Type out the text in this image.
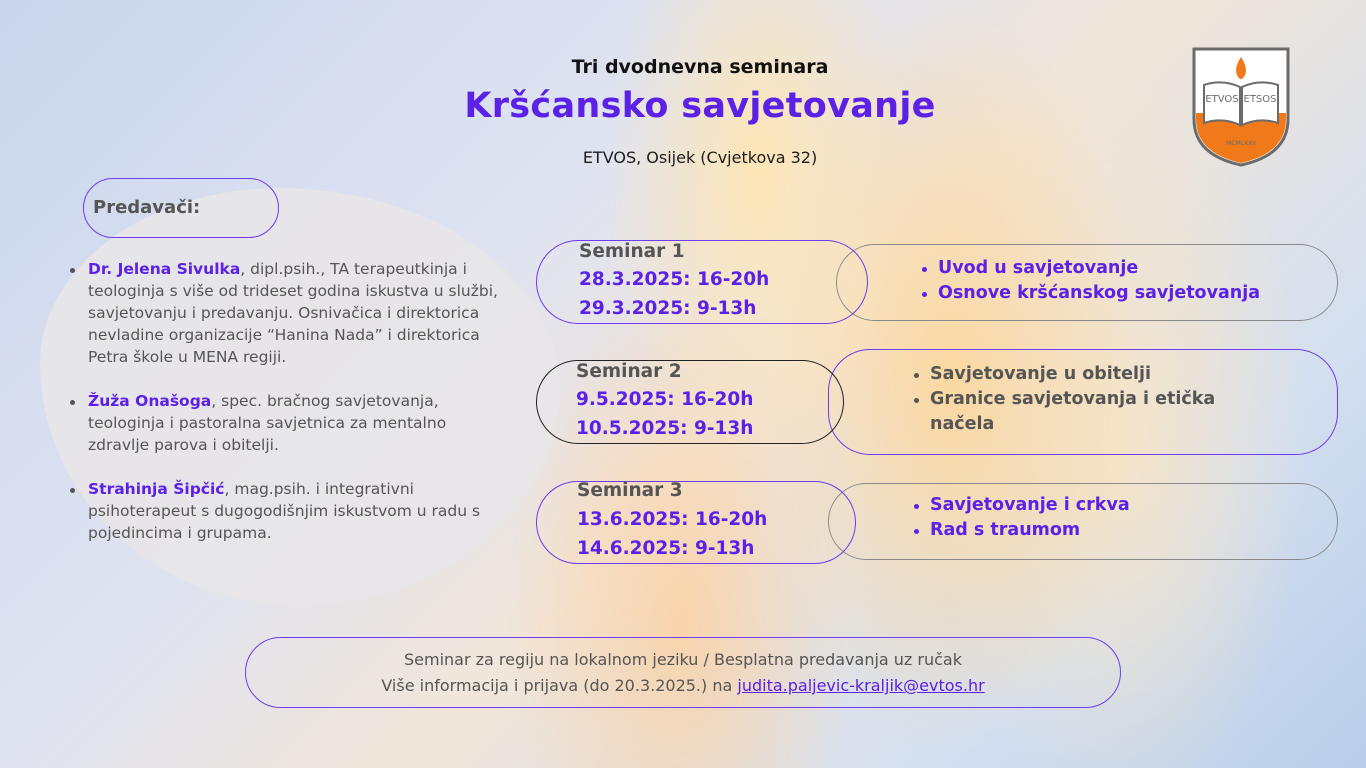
Tri dvodnevna seminara
Kršćansko savjetovanje
ETVOS, Osijek (Cvjetkova 32)
ETVOS ETSOS
MCMLXXII
Predavači:
Dr. Jelena Sivulka, dipl.psih., TA terapeutkinja i teologinja s više od trideset godina iskustva u službi, savjetovanju i predavanju. Osnivačica i direktorica nevladine organizacije “Hanina Nada” i direktorica Petra škole u MENA regiji.
Žuža Onašoga, spec. bračnog savjetovanja, teologinja i pastoralna savjetnica za mentalno zdravlje parova i obitelji.
Strahinja Šipčić, mag.psih. i integrativni psihoterapeut s dugogodišnjim iskustvom u radu s pojedincima i grupama.
Seminar 1
28.3.2025: 16-20h
29.3.2025: 9-13h
Uvod u savjetovanje
Osnove kršćanskog savjetovanja
Seminar 2
9.5.2025: 16-20h
10.5.2025: 9-13h
Savjetovanje u obitelji
Granice savjetovanja i etička načela
Seminar 3
13.6.2025: 16-20h
14.6.2025: 9-13h
Savjetovanje i crkva
Rad s traumom
Seminar za regiju na lokalnom jeziku / Besplatna predavanja uz ručak
Više informacija i prijava (do 20.3.2025.) na judita.paljevic-kraljik@evtos.hr
